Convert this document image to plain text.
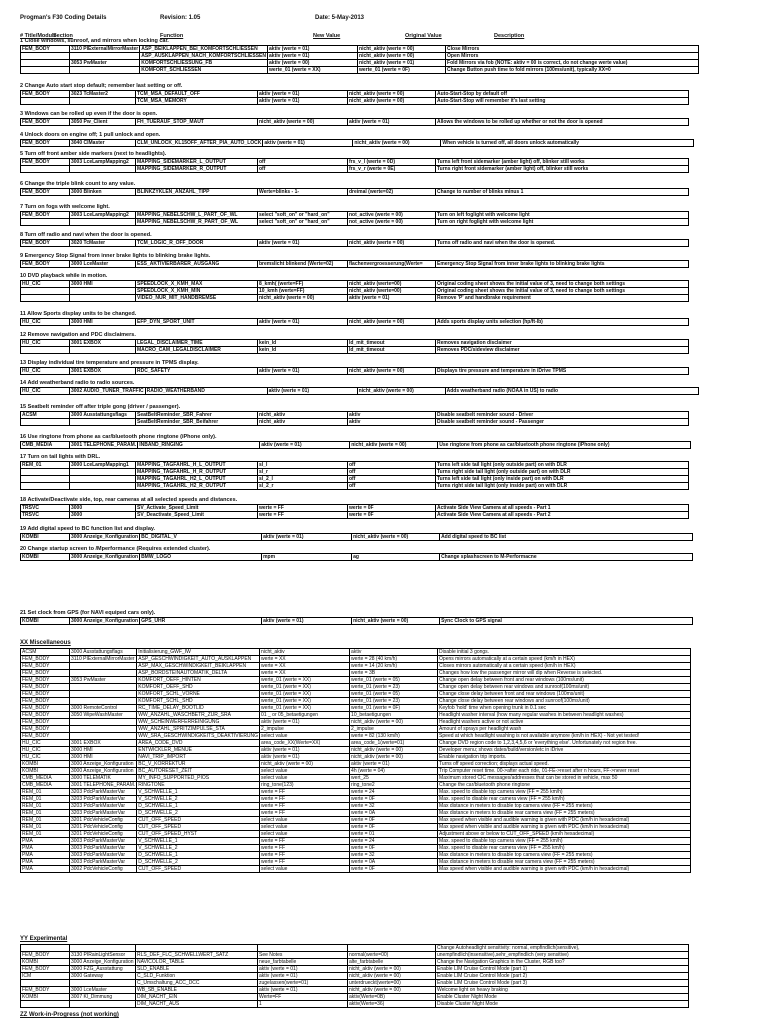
Progman's F30 Coding Details	Revision: 1.05	Date: 5-May-2013
# Title/Module
Section	Function	New Value	Original Value	Description
1 Close windows, sunroof, and mirrors when locking car.
FEM_BODY	3110 PIExternalMirrorMaster	ASP_BEIKLAPPEN_BEI_KOMFORTSCHLIESSEN	aktiv (werte = 01)	nicht_aktiv (werte = 00)	Close Mirrors
		ASP_AUSKLAPPEN_NACH_KOMFORTSCHLIESSEN	aktiv (werte = 01)	nicht_aktiv (werte = 00)	Open Mirrors
	3053 PwMaster	KOMFORTSCHLIESSUNG_FB	aktiv (werte = 00)	nicht_aktiv (werte = 01)	Fold Mirrors via fob (NOTE: aktiv = 00 is correct, do not change werte value)
		KOMFORT_SCHLIESSEN	werte_01 (werte = XX)	werte_01 (werte = 0F)	Change Button push time to fold mirrors (100ms/unit), typically XX=0
2 Change Auto start stop default; remember last setting or off.
FEM_BODY	3023 TcMaster2	TCM_MSA_DEFAULT_OFF	aktiv (werte = 01)	nicht_aktiv (werte = 00)	Auto-Start-Stop by default off
		TCM_MSA_MEMORY	aktiv (werte = 01)	nicht_aktiv (werte = 00)	Auto-Start-Stop will remember it's last setting
3 Windows can be rolled up even if the door is open.
FEM_BODY	3050 Pw_Client	FH_TUERAUF_STOP_MAUT	nicht_aktiv (werte = 00)	aktiv (werte = 01)	Allows the windows to be rolled up whether or not the door is opened
4 Unlock doors on engine off; 1 pull unlock and open.
FEM_BODY	3040 ClMaster	CLM_UNLOCK_KL15OFF_AFTER_PIA_AUTO_LOCK	aktiv (werte = 01)	nicht_aktiv (werte = 00)	When vehicle is turned off, all doors unlock automatically
5 Turn off front amber side markers (next to headlights).
FEM_BODY	3003 LceLampMapping2	MAPPING_SIDEMARKER_L_OUTPUT	off	frs_v_l (werte = 0D)	Turns left front sidemarker (amber light) off, blinker still works
		MAPPING_SIDEMARKER_R_OUTPUT	off	frs_v_r (werte = 0E)	Turns right front sidemarker (amber light) off, blinker still works
6 Change the triple blink count to any value.
FEM_BODY	3000 Blinken	BLINKZYKLEN_ANZAHL_TIPP	Werte=blinks - 1-	dreimal (werte=02)	Change to number of blinks minus 1
7 Turn on fogs with welcome light.
FEM_BODY	3003 LceLampMapping2	MAPPING_NEBELSCHW_L_PART_OF_WL	select "soft_on" or "hard_on"	not_active (werte = 00)	Turn on left foglight with welcome light
		MAPPING_NEBELSCHW_R_PART_OF_WL	select "soft_on" or "hard_on"	not_active (werte = 00)	Turn on right foglight with welcome light
8 Turn off radio and navi when the door is opened.
FEM_BODY	3020 TcMaster	TCM_LOGIC_R_OFF_DOOR	aktiv (werte = 01)	nicht_aktiv (werte = 00)	Turns off radio and navi when the door is opened.
9 Emergency Stop Signal from inner brake lights to blinking brake lights.
FEM_BODY	3000 LceMaster	ESS_AKTIVIERBARER_AUSGANG	bremslicht blinkend (Werte=02)	flachenvergroesserung(Werte=	Emergency Stop Signal from inner brake lights to blinking brake lights
10 DVD playback while in motion.
HU_CIC	3000 HMI	SPEEDLOCK_X_KMH_MAX	8_kmh( (werte=FF)	nicht_aktiv (werte=00)	Original coding sheet shows the initial value of 3, need to change both settings
		SPEEDLOCK_X_KMH_MIN	10_kmh (werte=FF)	nicht_aktiv (werte=00)	Original coding sheet shows the initial value of 3, need to change both settings
		VIDEO_NUR_MIT_HANDBREMSE	nicht_aktiv (werte = 00)	aktiv (werte = 01)	Remove 'P' and handbrake requirement
11 Allow Sports display units to be changed.
HU_CIC	3000 HMI	EFP_DYN_SPORT_UNIT	aktiv (werte = 01)	nicht_aktiv (werte = 00)	Adds sports display units selection (hp/ft-lb)
12 Remove navigation and PDC disclaimers.
HU_CIC	3001 EXBOX	LEGAL_DISCLAIMER_TIME	kein_ld	ld_mit_timeout	Removes navigation disclaimer
		MACRO_CAM_LEGALDISCLAIMER	kein_ld	ld_mit_timeout	Removes PDC/sideview disclaimer
13 Display individual tire temperature and pressure in TPMS display.
HU_CIC	3001 EXBOX	RDC_SAFETY	aktiv (werte = 01)	nicht_aktiv (werte = 00)	Displays tire pressure and temperature in iDrive TPMS
14 Add weatherband radio to radio sources.
HU_CIC	3002 AUDIO_TUNER_TRAFFIC	RADIO_WEATHERBAND	aktiv (werte = 01)	nicht_aktiv (werte = 00)	Adds weatherband radio (NOAA in US) to radio
15 Seatbelt reminder off after triple gong (driver / passenger).
ACSM	3000 Ausstattungsflags	SeatBeltReminder_SBR_Fahrer	nicht_aktiv	aktiv	Disable seatbelt reminder sound - Driver
		SeatBeltReminder_SBR_Beifahrer	nicht_aktiv	aktiv	Disable seatbelt reminder sound - Passenger
16 Use ringtone from phone as car/bluetooth phone ringtone (iPhone only).
CMB_MEDIA	3001 TELEPHONE_PARAM.	INBAND_RINGING	aktiv (werte = 01)	nicht_aktiv (werte = 00)	Use ringtone from phone as car/bluetooth phone ringtone (iPhone only)
17 Turn on tail lights with DRL.
REM_01	3000 LceLampMapping1	MAPPING_TAGFAHRL_H_L_OUTPUT	sl_l	off	Turns left side tail light (only outside part) on with DLR
		MAPPING_TAGFAHRL_H_R_OUTPUT	sl_r	off	Turns right side tail light (only outside part) on with DLR
		MAPPING_TAGAHRL_H2_L_OUTPUT	sl_2_l	off	Turns left side tail light (only inside part) on with DLR
		MAPPING_TAGAHRL_H2_R_OUTPUT	sl_2_r	off	Turns right side tail light (only inside part) on with DLR
18 Activate/Deactivate side, top, rear cameras at all selected speeds and distances.
TRSVC	3000	SV_Activate_Speed_Limit	werte = FF	werte = 0F	Activate Side View Camera at all speeds - Part 1
TRSVC	3000	SV_Deactivate_Speed_Limit	werte = FF	werte = 0F	Activate Side View Camera at all speeds - Part 2
19 Add digital speed to BC function list and display.
KOMBI	3000 Anzeige_Konfiguration	BC_DIGITAL_V	aktiv (werte = 01)	nicht_aktiv (werte = 00)	Add digital speed to BC list
20 Change startup screen to /Mperformance (Requires extended cluster).
KOMBI	3000 Anzeige_Konfiguration	BMW_LOGO	mpm	ag	Change splashscreen to M-Performacne
21 Set clock from GPS (for NAVI equiped cars only).
KOMBI	3000 Anzeige_Konfiguration	GPS_UHR	aktiv (werte = 01)	nicht_aktiv (werte = 00)	Sync Clock to GPS signal
XX Miscellaneous
ACSM	3000 Ausstattungsflags	Initialisierung_GWF_IW	nicht_aktiv	aktiv	Disable initial 3 gongs.
FEM_BODY	3110 PIExternalMirrorMaster	ASP_GESCHWINDIGKEIT_AUTO_AUSKLAPPEN	werte = XX	werte = 28 (40 km/h)	Opens mirrors automatically at a certain speed (km/h in HEX)
FEM_BODY		ASP_MAX_GESCHWINDIGKEIT_BEIKLAPPEN	werte = XX	werte = 14 (20 km/h)	Closes mirrors automatically at a certain speed (km/h in HEX)
FEM_BODY		ASP_BORDSTEINAUTOMATIK_DELTA	werte = XX	werte = 3B	Changes how low the passenger mirror will dip when Reverse is selected.
FEM_BODY	3053 PwMaster	KOMFORT_OEFF_HINTEN	werte_01 (werte = XX)	werte_01 (werte = 05)	Change open delay between front and rear windows (100ms/unit)
FEM_BODY		KOMFORT_OEFF_SHD	werte_01 (werte = XX)	werte_01 (werte = 23)	Change open delay between rear windows and sunroof(100ms/unit)
FEM_BODY		KOMFORT_SCHL_VORNE	werte_01 (werte = XX)	werte_01 (werte = 05)	Change close delay between front and rear windows (100ms/unit)
FEM_BODY		KOMFORT_SCHL_SHD	werte_01 (werte = XX)	werte_01 (werte = 23)	Change close delay between rear windows and sunroof(100ms/unit)
FEM_BODY	3000 RemoteControl	RC_TIME_DELAY_BOOTLID	werte_01 (werte = XX)	werte_01 (werte = 0F)	Keyfob 'hold' time when opening trunk in 0.1 sec
FEM_BODY	3050 WipeWashMaster	WW_ANZAHL_WASCHBETR_ZUR_SRA	01 _ or 05_betaetigungen	10_betaetigungen	Headlight washer interval (how many regular washes in between headlight washes)
FEM_BODY		WW_SCHEINWERFERREINIGUNG	aktiv (werte = 01)	nicht_aktiv (werte = 00)	Headlight washers active or not active
FEM_BODY		WW_ANZAHL_SPRITZIMPULSE_STA	2_impulse	2_impulse	Amount of sprays per headlight wash
FEM_BODY		WW_SRA_GESCHWINDIGKEITS_DEAKTIVIERUNG	select value	werte = 82 (130 km/h)	Speed at which headlight washing is not available anymore (km/h in HEX) - Not yet tested!
HU_CIC	3001 EXBOX	AREA_CODE_DVD	area_code_XX(Werte=XX)	area_code_1(werte=01)	Change DVD region code to 1,2,3,4,5,6 or 'everything else'. Unfortunately not region free.
HU_CIC	3000 HMI	ENTWICKLER_MENUE	aktiv (werte = 01)	nicht_aktiv (werte = 00)	Developer menu; shows dates/build/version/etc in iDrive
HU_CIC	3000 HMI	NAVI_TRIP_IMPORT	aktiv (werte = 01)	nicht_aktiv (werte = 00)	Enable navigation trip imports.
KOMBI	3000 Anzeige_Konfiguration	BC_V_KORREKTUR	nicht_aktiv (werte = 00)	aktiv (werte = 01)	Turns off speed correction; displays actual speed.
KOMBI	3000 Anzeige_Konfiguration	BC_AUTORESET_ZEIT	select value	4h (werte = 04)	Trip Computer reset time. 00->after each ride, 01-FE->reset after n hours, FF->never reset
CMB_MEDIA	3000 TELEMATIK	MY_INFO_SUPPORTED_PIOS	select value	wert_25	Maximum stored CIC messages/addresses that can be stored in vehicle, max 50
CMB_MEDIA	3001 TELEPHONE_PARAM.	RINGTONE	ring_tone(123)	ring_tone2	Change the car/bluetooth phone ringtone
REM_01	3203 PdcParkMasterVar	V_SCHWELLE_1	werte = FF	werte = 24	Max. speed to disable top camera view (FF = 255 km/h)
REM_01	3203 PdcParkMasterVar	V_SCHWELLE_2	werte = FF	werte = 0F	Max. speed to disable rear camera view (FF = 255 km/h)
REM_01	3203 PdcParkMasterVar	D_SCHWELLE_1	werte = FF	werte = 32	Max distance in meters to disable top camera view (FF = 255 meters)
REM_01	3203 PdcParkMasterVar	D_SCHWELLE_2	werte = FF	werte = 0A	Max distance in meters to disable rear camera view (FF = 255 meters)
REM_01	3201 PdcVehicleConfig	CUT_OFF_SPEED	select value	werte = 0F	Max speed when visible and audible warning is given with PDC (km/h in hexadecimal)
REM_01	3201 PdcVehicleConfig	CUT_OFF_SPEED	select value	werte = 0F	Max speed when visible and audible warning is given with PDC (km/h in hexadecimal)
REM_01	3201 PdcVehicleConfig	CUT_OFF_SPEED_HYST	select value	werte = 01	Adjustment above or below to CUT_OFF_SPEED (km/h hexadecimal)
PMA	3003 PdcParkMasterVar	V_SCHWELLE_1	werte = FF	werte = 24	Max. speed to disable top camera view (FF = 255 km/h)
PMA	3003 PdcParkMasterVar	V_SCHWELLE_2	werte = FF	werte = 0F	Max. speed to disable rear camera view (FF = 255 km/h)
PMA	3003 PdcParkMasterVar	D_SCHWELLE_1	werte = FF	werte = 32	Max distance in meters to disable top camera view (FF = 255 meters)
PMA	3003 PdcParkMasterVar	D_SCHWELLE_2	werte = FF	werte = 0A	Max distance in meters to disable rear camera view (FF = 255 meters)
PMA	3002 PdcVehicleConfig	CUT_OFF_SPEED	select value	werte = 0F	Max speed when visible and audible warning is given with PDC (km/h in hexadecimal)
YY Experimental
					Change Autoheadlight sensitivity: normal, empfindlich(sensitive),
FEM_BODY	3130 PIRainLightSensor	RLS_DEF_FLC_SCHWELLWERT_SATZ	See Notes	normal(werte=00)	unempfindlich(insensitive),sehr_empfindlich (very sensitive)
KOMBI	3000 Anzeige_Konfiguration	NAVICOLOR_TABLE	neue_farbtabelle	alte_farbtabelle	Change the Navigation Graphics in the Cluster, RGB too?
FEM_BODY	3000 FZG_Ausstattung	SLD_ENABLE	aktiv (werte = 01)	nicht_aktiv (werte = 00)	Enable LIM Cruise Control Mode (part 1)
ICM	3000 Gateway	C_SLD_Funktion	aktiv (werte = 01)	nicht_aktiv (werte = 00)	Enable LIM Cruise Control Mode (part 2)
		C_Umschaltung_ACC_DCC	zugelassen(werte=01)	unterdrueckt(werte=00)	Enable LIM Cruise Control Mode (part 3)
FEM_BODY	3000 LceMaster	WB_SB_ENABLE	aktiv (werte = 01)	nicht_aktiv (werte = 00)	Welcome light on heavy braking
KOMBI	3007 Kl_Dimmung	DIM_NACHT_EIN	Werte=FF	aktiv(Werte=0B)	Enable Cluster Night Mode
		DIM_NACHT_AUS	1	aktiv(Werte=36)	Disable Cluster Night Mode
ZZ Work-in-Progress (not working)
